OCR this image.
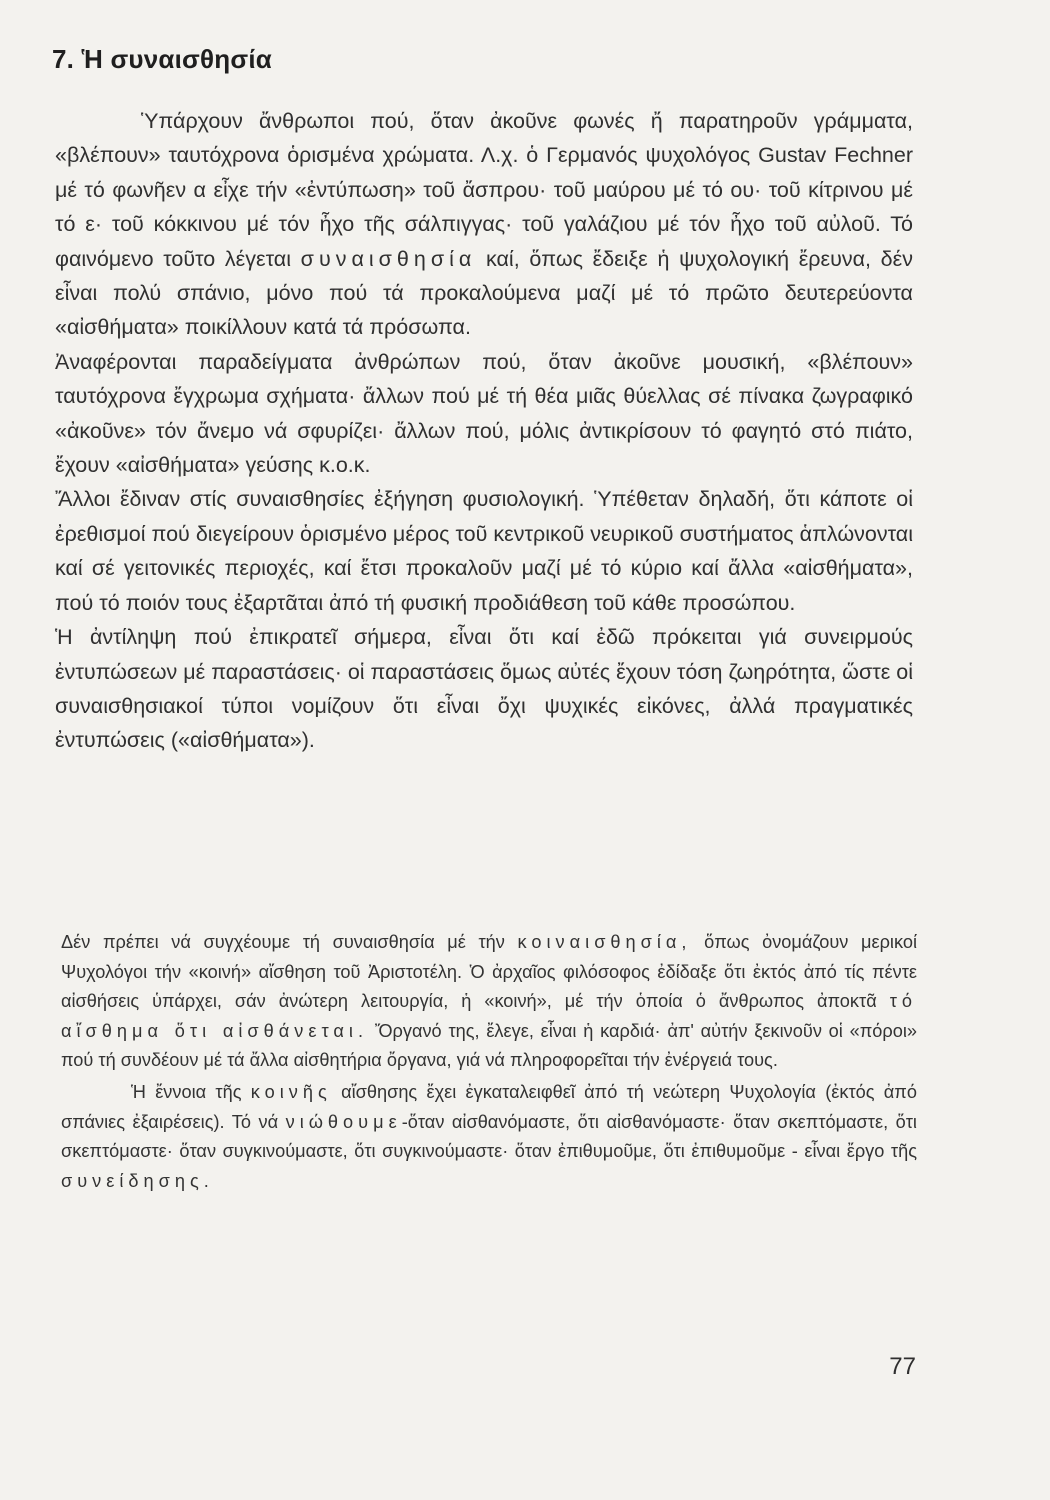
7. Ἡ συναισθησία

Ὑπάρχουν ἄνθρωποι πού, ὅταν ἀκοῦνε φωνές ἤ παρατηροῦν γράμματα, «βλέπουν» ταυτόχρονα ὁρισμένα χρώματα. Λ.χ. ὁ Γερμανός ψυχολόγος Gustav Fechner μέ τό φωνῆεν α εἶχε τήν «ἐντύπωση» τοῦ ἄσπρου· τοῦ μαύρου μέ τό ου· τοῦ κίτρινου μέ τό ε· τοῦ κόκκινου μέ τόν ἦχο τῆς σάλπιγγας· τοῦ γαλάζιου μέ τόν ἦχο τοῦ αὐλοῦ. Τό φαινόμενο τοῦτο λέγεται συναισθησία καί, ὅπως ἔδειξε ἡ ψυχολογική ἔρευνα, δέν εἶναι πολύ σπάνιο, μόνο πού τά προκαλούμενα μαζί μέ τό πρῶτο δευτερεύοντα «αἰσθήματα» ποικίλλουν κατά τά πρόσωπα.

Ἀναφέρονται παραδείγματα ἀνθρώπων πού, ὅταν ἀκοῦνε μουσική, «βλέπουν» ταυτόχρονα ἔγχρωμα σχήματα· ἄλλων πού μέ τή θέα μιᾶς θύελλας σέ πίνακα ζωγραφικό «ἀκοῦνε» τόν ἄνεμο νά σφυρίζει· ἄλλων πού, μόλις ἀντικρίσουν τό φαγητό στό πιάτο, ἔχουν «αἰσθήματα» γεύσης κ.ο.κ.

Ἄλλοι ἔδιναν στίς συναισθησίες ἐξήγηση φυσιολογική. Ὑπέθεταν δηλαδή, ὅτι κάποτε οἱ ἐρεθισμοί πού διεγείρουν ὁρισμένο μέρος τοῦ κεντρικοῦ νευρικοῦ συστήματος ἁπλώνονται καί σέ γειτονικές περιοχές, καί ἔτσι προκαλοῦν μαζί μέ τό κύριο καί ἄλλα «αἰσθήματα», πού τό ποιόν τους ἐξαρτᾶται ἀπό τή φυσική προδιάθεση τοῦ κάθε προσώπου.

Ἡ ἀντίληψη πού ἐπικρατεῖ σήμερα, εἶναι ὅτι καί ἐδῶ πρόκειται γιά συνειρμούς ἐντυπώσεων μέ παραστάσεις· οἱ παραστάσεις ὅμως αὐτές ἔχουν τόση ζωηρότητα, ὥστε οἱ συναισθησιακοί τύποι νομίζουν ὅτι εἶναι ὄχι ψυχικές εἰκόνες, ἀλλά πραγματικές ἐντυπώσεις («αἰσθήματα»).

Δέν πρέπει νά συγχέουμε τή συναισθησία μέ τήν κοιναισθησία, ὅπως ὀνομάζουν μερικοί Ψυχολόγοι τήν «κοινή» αἴσθηση τοῦ Ἀριστοτέλη. Ὁ ἀρχαῖος φιλόσοφος ἐδίδαξε ὅτι ἐκτός ἀπό τίς πέντε αἰσθήσεις ὑπάρχει, σάν ἀνώτερη λειτουργία, ἡ «κοινή», μέ τήν ὁποία ὁ ἄνθρωπος ἀποκτᾶ τό αἴσθημα ὅτι αἰσθάνεται. Ὄργανό της, ἔλεγε, εἶναι ἡ καρδιά· ἀπ' αὐτήν ξεκινοῦν οἱ «πόροι» πού τή συνδέουν μέ τά ἄλλα αἰσθητήρια ὄργανα, γιά νά πληροφορεῖται τήν ἐνέργειά τους.

Ἡ ἔννοια τῆς κοινῆς αἴσθησης ἔχει ἐγκαταλειφθεῖ ἀπό τή νεώτερη Ψυχολογία (ἐκτός ἀπό σπάνιες ἐξαιρέσεις). Τό νά νιώθουμε-ὅταν αἰσθανόμαστε, ὅτι αἰσθανόμαστε· ὅταν σκεπτόμαστε, ὅτι σκεπτόμαστε· ὅταν συγκινούμαστε, ὅτι συγκινούμαστε· ὅταν ἐπιθυμοῦμε, ὅτι ἐπιθυμοῦμε - εἶναι ἔργο τῆς συνείδησης.

77
